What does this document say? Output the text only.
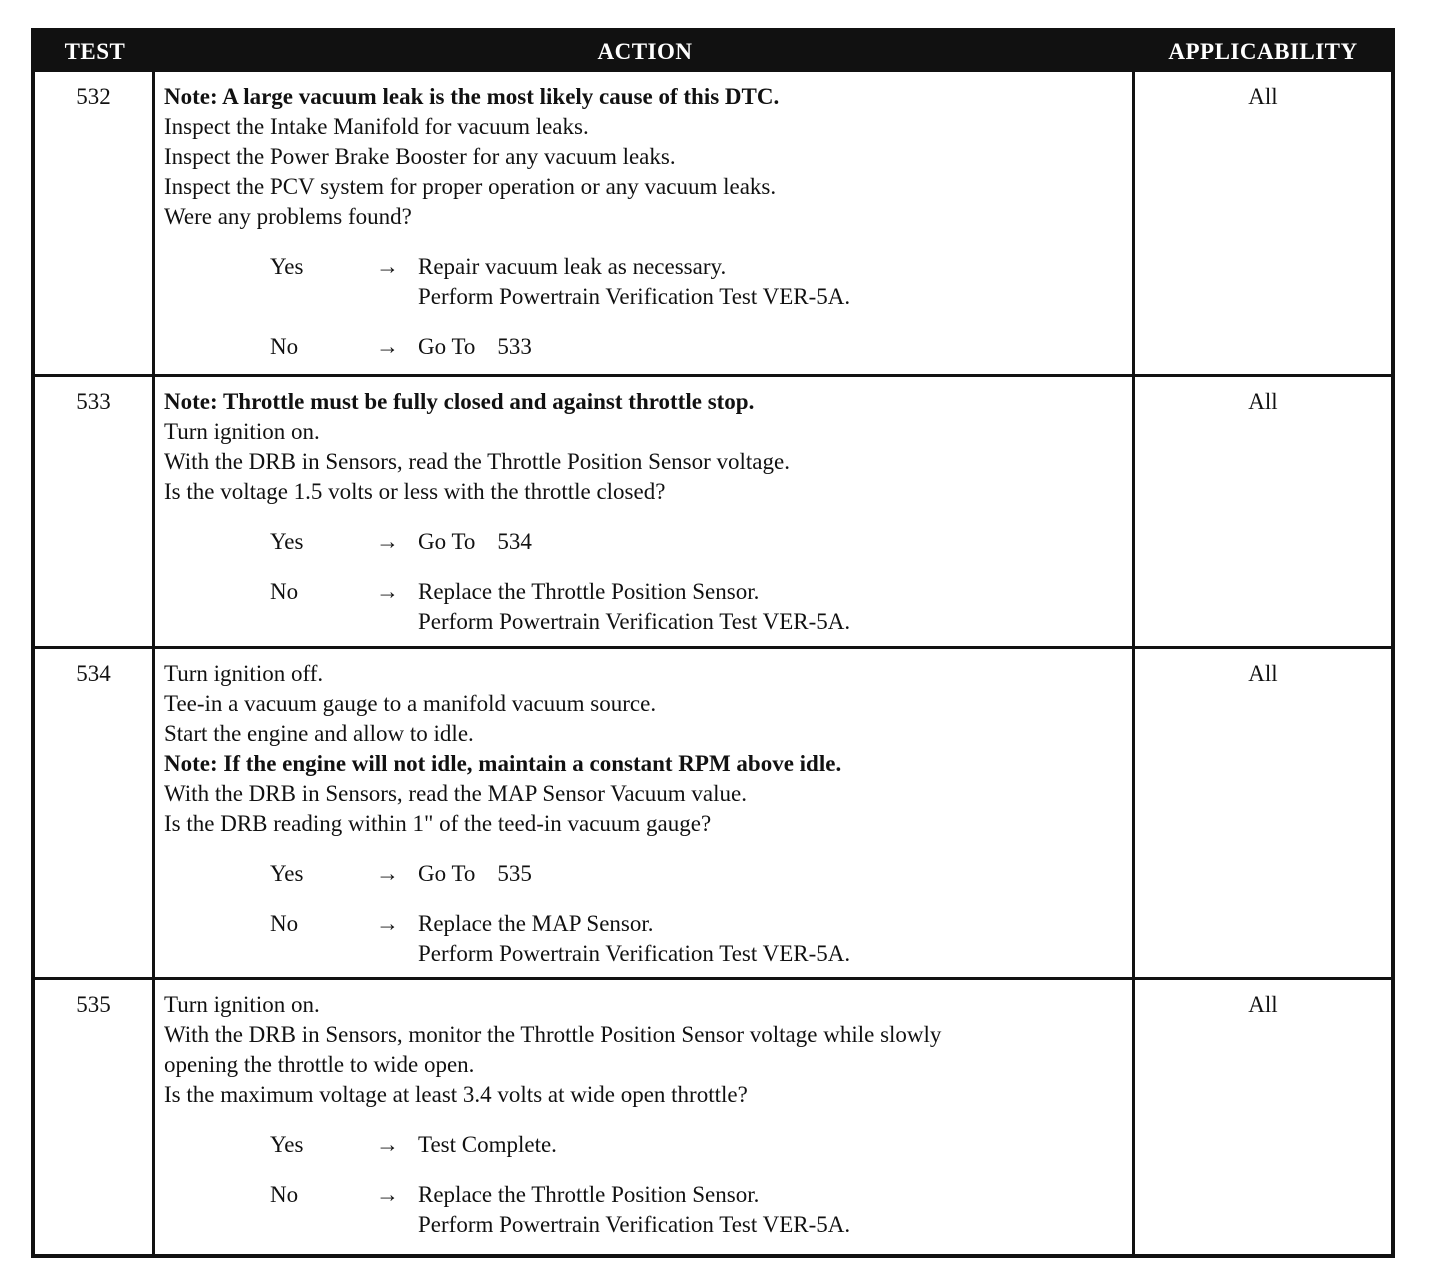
TEST	ACTION	APPLICABILITY
532	Note: A large vacuum leak is the most likely cause of this DTC.
Inspect the Intake Manifold for vacuum leaks.
Inspect the Power Brake Booster for any vacuum leaks.
Inspect the PCV system for proper operation or any vacuum leaks.
Were any problems found?
Yes	→ Repair vacuum leak as necessary.
Perform Powertrain Verification Test VER-5A.
No	→ Go To 533
All
533	Note: Throttle must be fully closed and against throttle stop.
Turn ignition on.
With the DRB in Sensors, read the Throttle Position Sensor voltage.
Is the voltage 1.5 volts or less with the throttle closed?
Yes	→ Go To 534
No	→ Replace the Throttle Position Sensor.
Perform Powertrain Verification Test VER-5A.
All
534	Turn ignition off.
Tee-in a vacuum gauge to a manifold vacuum source.
Start the engine and allow to idle.
Note: If the engine will not idle, maintain a constant RPM above idle.
With the DRB in Sensors, read the MAP Sensor Vacuum value.
Is the DRB reading within 1" of the teed-in vacuum gauge?
Yes	→ Go To 535
No	→ Replace the MAP Sensor.
Perform Powertrain Verification Test VER-5A.
All
535	Turn ignition on.
With the DRB in Sensors, monitor the Throttle Position Sensor voltage while slowly
opening the throttle to wide open.
Is the maximum voltage at least 3.4 volts at wide open throttle?
Yes	→ Test Complete.
No	→ Replace the Throttle Position Sensor.
Perform Powertrain Verification Test VER-5A.
All
